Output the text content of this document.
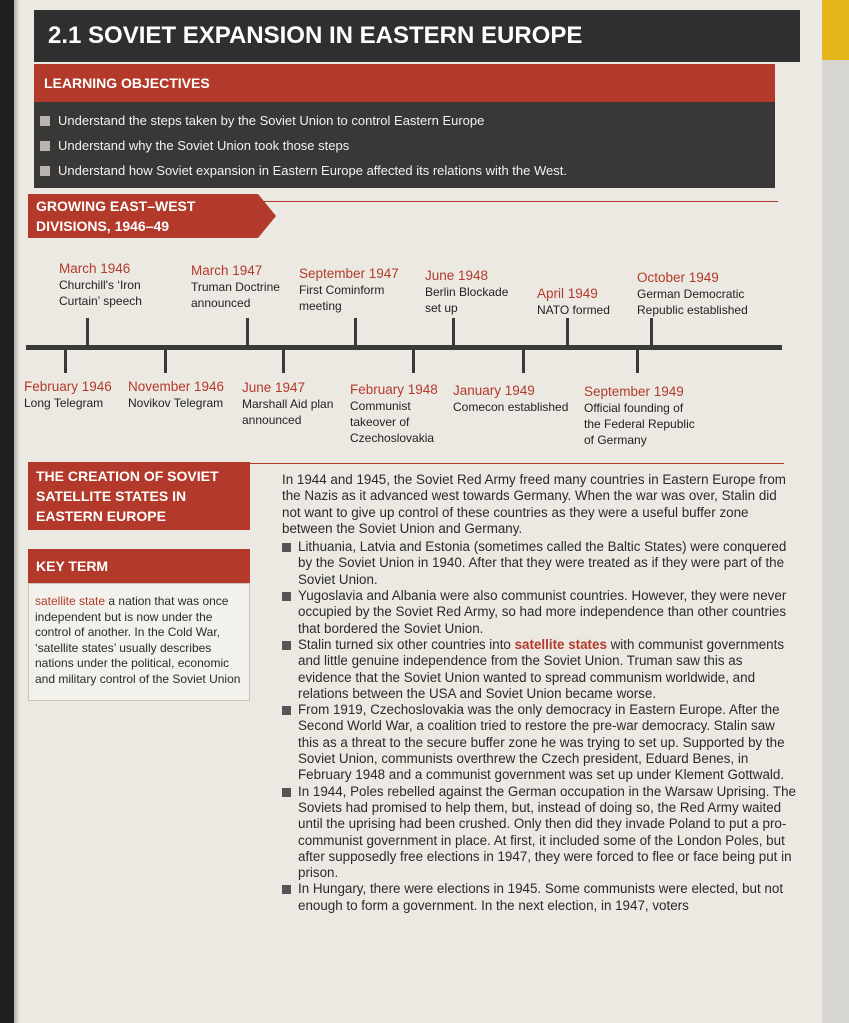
2.1 SOVIET EXPANSION IN EASTERN EUROPE
LEARNING OBJECTIVES
Understand the steps taken by the Soviet Union to control Eastern Europe
Understand why the Soviet Union took those steps
Understand how Soviet expansion in Eastern Europe affected its relations with the West.
GROWING EAST–WEST
DIVISIONS, 1946–49
March 1946
Churchill's ‘Iron
Curtain’ speech
March 1947
Truman Doctrine
announced
September 1947
First Cominform
meeting
June 1948
Berlin Blockade
set up
April 1949
NATO formed
October 1949
German Democratic
Republic established
February 1946
Long Telegram
November 1946
Novikov Telegram
June 1947
Marshall Aid plan
announced
February 1948
Communist
takeover of
Czechoslovakia
January 1949
Comecon established
September 1949
Official founding of
the Federal Republic
of Germany
THE CREATION OF SOVIET
SATELLITE STATES IN
EASTERN EUROPE
KEY TERM
satellite state a nation that was once independent but is now under the control of another. In the Cold War, ‘satellite states’ usually describes nations under the political, economic and military control of the Soviet Union

In 1944 and 1945, the Soviet Red Army freed many countries in Eastern Europe from the Nazis as it advanced west towards Germany. When the war was over, Stalin did not want to give up control of these countries as they were a useful buffer zone between the Soviet Union and Germany.

Lithuania, Latvia and Estonia (sometimes called the Baltic States) were conquered by the Soviet Union in 1940. After that they were treated as if they were part of the Soviet Union.
Yugoslavia and Albania were also communist countries. However, they were never occupied by the Soviet Red Army, so had more independence than other countries that bordered the Soviet Union.
Stalin turned six other countries into satellite states with communist governments and little genuine independence from the Soviet Union. Truman saw this as evidence that the Soviet Union wanted to spread communism worldwide, and relations between the USA and Soviet Union became worse.
From 1919, Czechoslovakia was the only democracy in Eastern Europe. After the Second World War, a coalition tried to restore the pre-war democracy. Stalin saw this as a threat to the secure buffer zone he was trying to set up. Supported by the Soviet Union, communists overthrew the Czech president, Eduard Benes, in February 1948 and a communist government was set up under Klement Gottwald.
In 1944, Poles rebelled against the German occupation in the Warsaw Uprising. The Soviets had promised to help them, but, instead of doing so, the Red Army waited until the uprising had been crushed. Only then did they invade Poland to put a pro-communist government in place. At first, it included some of the London Poles, but after supposedly free elections in 1947, they were forced to flee or face being put in prison.
In Hungary, there were elections in 1945. Some communists were elected, but not enough to form a government. In the next election, in 1947, voters
